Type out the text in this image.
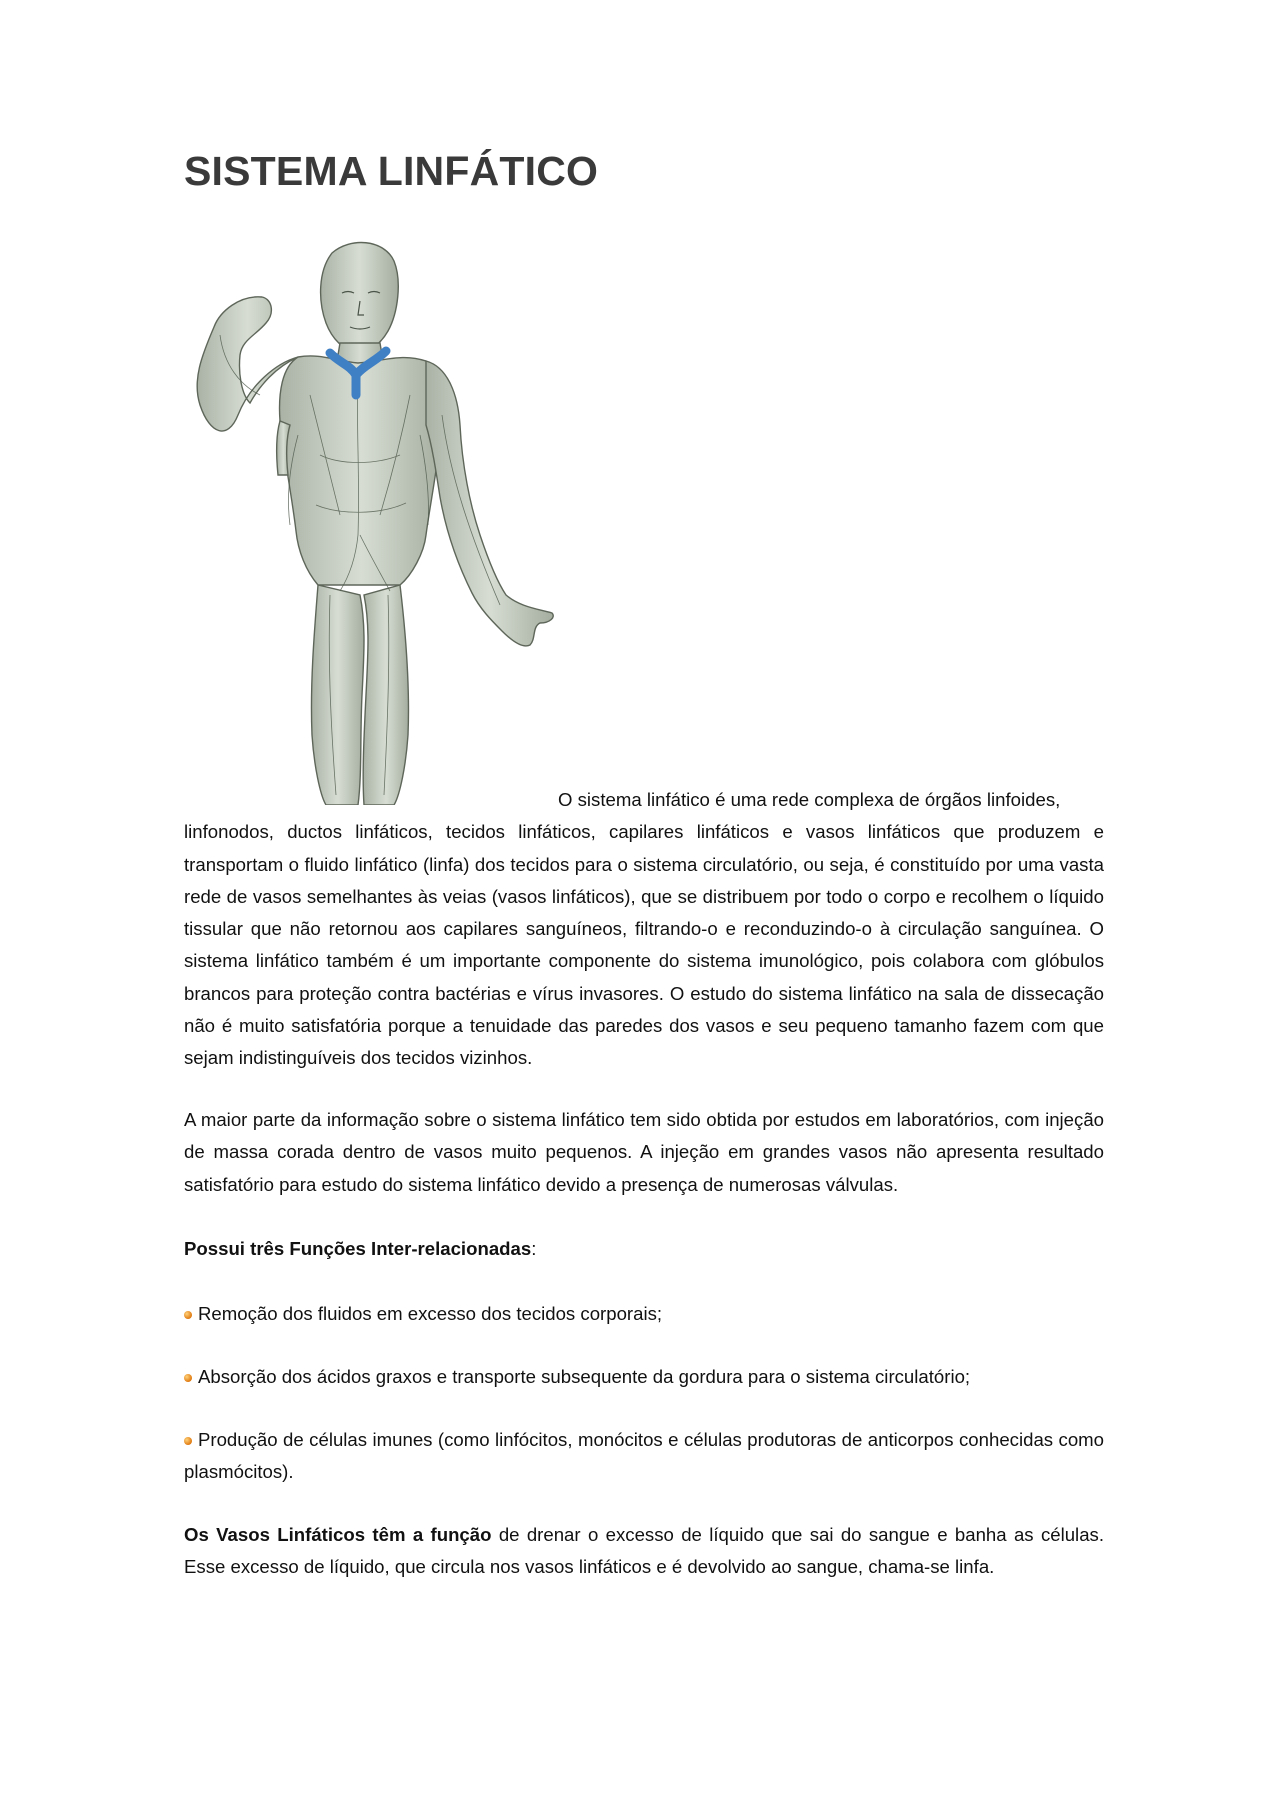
SISTEMA LINFÁTICO
O sistema linfático é uma rede complexa de órgãos linfoides,
linfonodos, ductos linfáticos, tecidos linfáticos, capilares linfáticos e vasos linfáticos que produzem e transportam o fluido linfático (linfa) dos tecidos para o sistema circulatório, ou seja, é constituído por uma vasta rede de vasos semelhantes às veias (vasos linfáticos), que se distribuem por todo o corpo e recolhem o líquido tissular que não retornou aos capilares sanguíneos, filtrando-o e reconduzindo-o à circulação sanguínea. O sistema linfático também é um importante componente do sistema imunológico, pois colabora com glóbulos brancos para proteção contra bactérias e vírus invasores. O estudo do sistema linfático na sala de dissecação não é muito satisfatória porque a tenuidade das paredes dos vasos e seu pequeno tamanho fazem com que sejam indistinguíveis dos tecidos vizinhos.
A maior parte da informação sobre o sistema linfático tem sido obtida por estudos em laboratórios, com injeção de massa corada dentro de vasos muito pequenos. A injeção em grandes vasos não apresenta resultado satisfatório para estudo do sistema linfático devido a presença de numerosas válvulas.
Possui três Funções Inter-relacionadas:
Remoção dos fluidos em excesso dos tecidos corporais;
Absorção dos ácidos graxos e transporte subsequente da gordura para o sistema circulatório;
Produção de células imunes (como linfócitos, monócitos e células produtoras de anticorpos conhecidas como plasmócitos).
Os Vasos Linfáticos têm a função de drenar o excesso de líquido que sai do sangue e banha as células. Esse excesso de líquido, que circula nos vasos linfáticos e é devolvido ao sangue, chama-se linfa.
